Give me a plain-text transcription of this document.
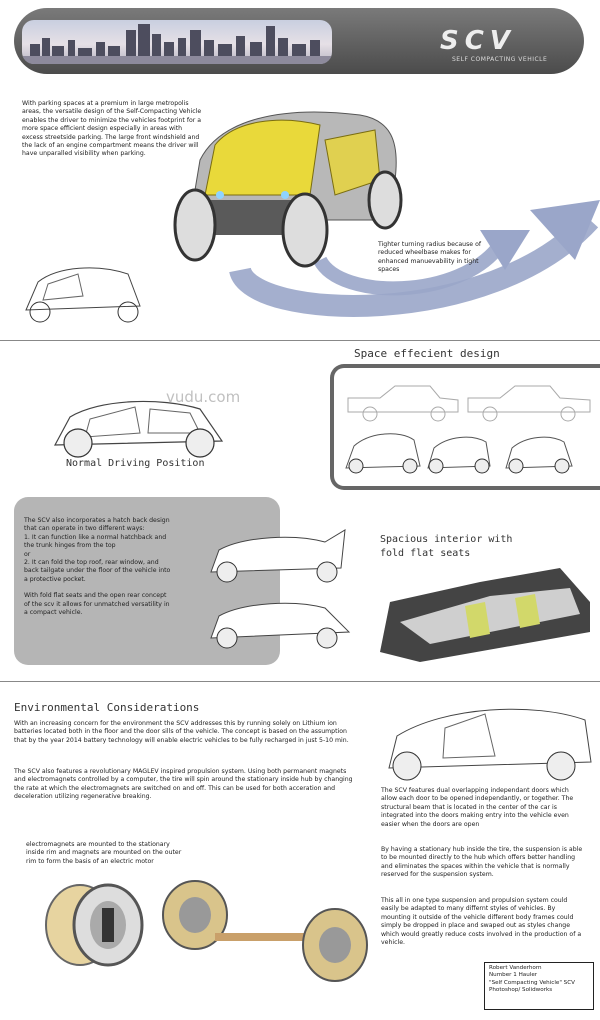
SCV
SELF COMPACTING VEHICLE
With parking spaces at a premium in large metropolis areas, the versatile design of the Self-Compacting Vehicle enables the driver to minimize the vehicles footprint for a more space efficient design especially in areas with excess streetside parking. The large front windshield and the lack of an engine compartment means the driver will have unparalled visibility when parking.
Tighter turning radius because of reduced wheelbase makes for enhanced manuevability in tight spaces
Space effecient design
vudu.com
Normal Driving Position
The SCV also incorporates a hatch back design that can operate in two different ways:
1. It can function like a normal hatchback and the trunk hinges from the top
or
2. It can fold the top roof, rear window, and back tailgate under the floor of the vehicle into a protective pocket.
With fold flat seats and the open rear concept of the scv it allows for unmatched versatility in a compact vehicle.
Spacious interior with fold flat seats
Environmental Considerations
With an increasing concern for the environment the SCV addresses this by running solely on Lithium ion batteries located both in the floor and the door sills of the vehicle. The concept is based on the assumption that by the year 2014 battery technology will enable electric vehicles to be fully recharged in just 5-10 min.
The SCV also features a revolutionary MAGLEV inspired propulsion system. Using both permanent magnets and electromagnets controlled by a computer, the tire will spin around the stationary inside hub by changing the rate at which the electromagnets are switched on and off. This can be used for both acceration and deceleration utilizing regenerative breaking.
electromagnets are mounted to the stationary inside rim and magnets are mounted on the outer rim to form the basis of an electric motor
The SCV features dual overlapping independant doors which allow each door to be opened independantly, or together. The structural beam that is located in the center of the car is integrated into the doors making entry into the vehicle even easier when the doors are open
By having a stationary hub inside the tire, the suspension is able to be mounted directly to the hub which offers better handling and eliminates the spaces within the vehicle that is normally reserved for the suspension system.
This all in one type suspension and propulsion system could easily be adapted to many differnt styles of vehicles. By mounting it outside of the vehicle different body frames could simply be dropped in place and swaped out as styles change which would greatly reduce costs involved in the production of a vehicle.
Robert Vanderhorn
Number 1 Hauler
"Self Compacting Vehicle" SCV
Photoshop/ Solidworks
